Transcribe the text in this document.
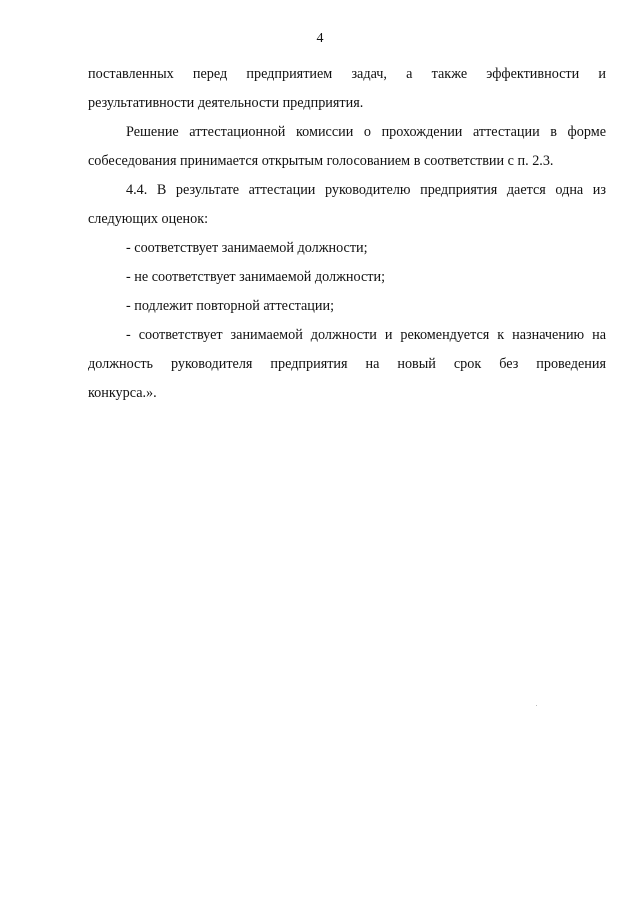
4
поставленных перед предприятием задач, а также эффективности и
результативности деятельности предприятия.
Решение аттестационной комиссии о прохождении аттестации в форме
собеседования принимается открытым голосованием в соответствии с п. 2.3.
4.4. В результате аттестации руководителю предприятия дается одна из
следующих оценок:
- соответствует занимаемой должности;
- не соответствует занимаемой должности;
- подлежит повторной аттестации;
- соответствует занимаемой должности и рекомендуется к назначению на
должность руководителя предприятия на новый срок без проведения
конкурса.».
